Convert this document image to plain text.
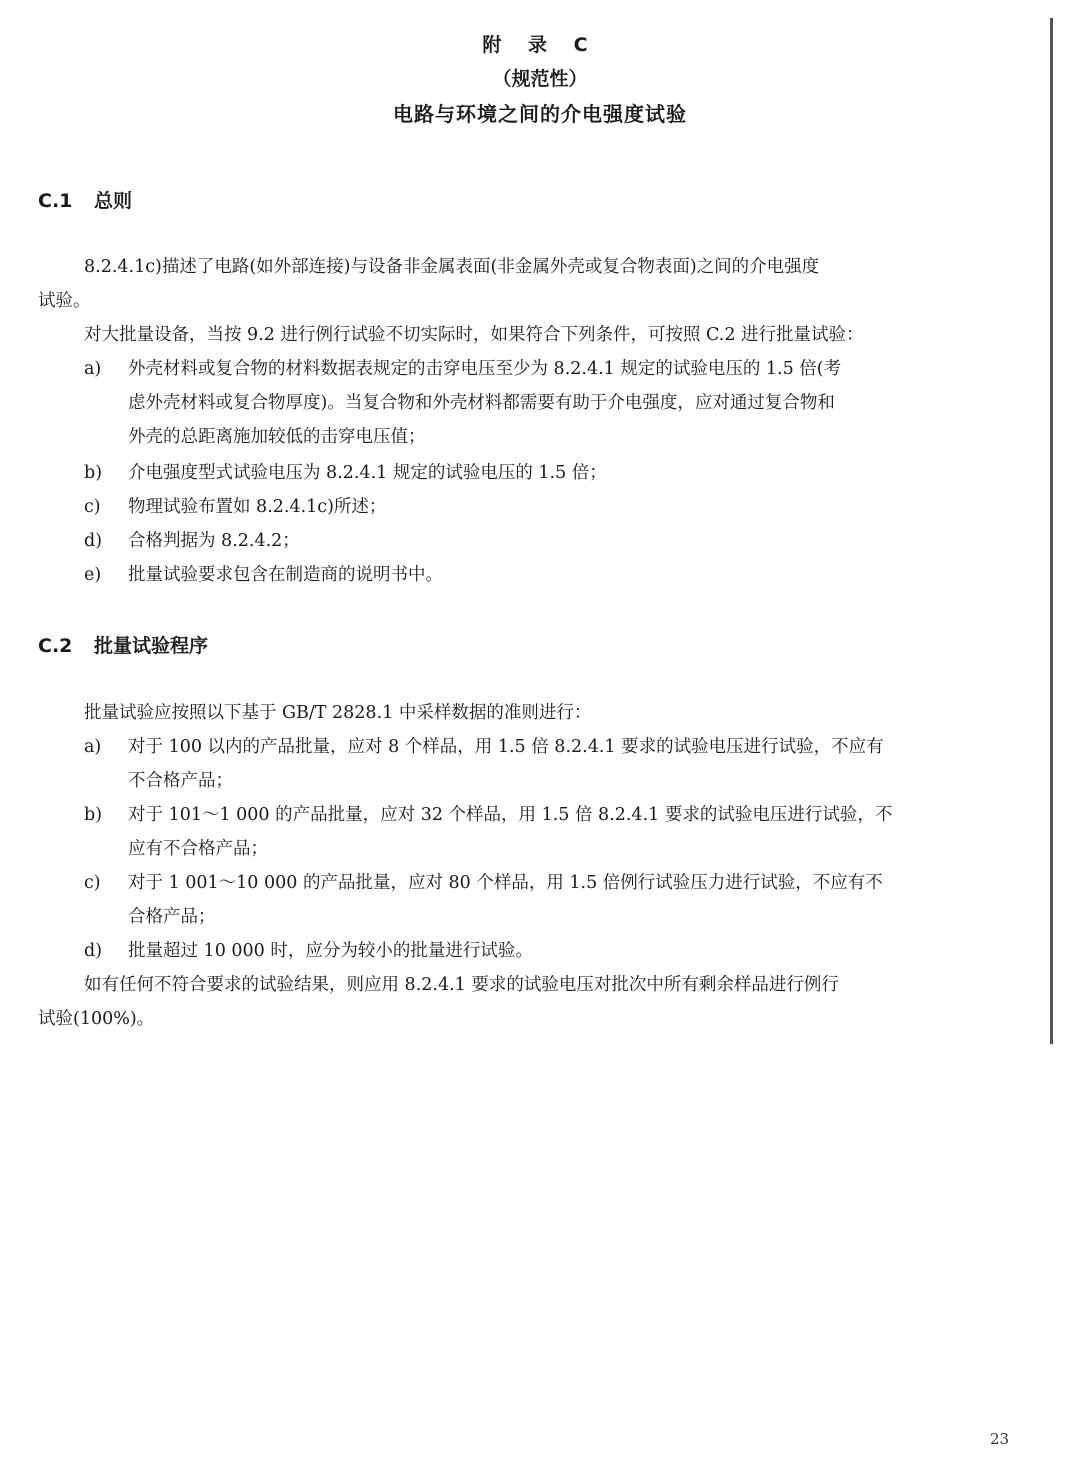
附 录 C
（规范性）
电路与环境之间的介电强度试验
C.1 总则
8.2.4.1c)描述了电路(如外部连接)与设备非金属表面(非金属外壳或复合物表面)之间的介电强度
试验。
对大批量设备，当按 9.2 进行例行试验不切实际时，如果符合下列条件，可按照 C.2 进行批量试验：
a) 外壳材料或复合物的材料数据表规定的击穿电压至少为 8.2.4.1 规定的试验电压的 1.5 倍(考
虑外壳材料或复合物厚度)。当复合物和外壳材料都需要有助于介电强度，应对通过复合物和
外壳的总距离施加较低的击穿电压值；
b) 介电强度型式试验电压为 8.2.4.1 规定的试验电压的 1.5 倍；
c) 物理试验布置如 8.2.4.1c)所述；
d) 合格判据为 8.2.4.2；
e) 批量试验要求包含在制造商的说明书中。
C.2 批量试验程序
批量试验应按照以下基于 GB/T 2828.1 中采样数据的准则进行：
a) 对于 100 以内的产品批量，应对 8 个样品，用 1.5 倍 8.2.4.1 要求的试验电压进行试验，不应有
不合格产品；
b) 对于 101～1 000 的产品批量，应对 32 个样品，用 1.5 倍 8.2.4.1 要求的试验电压进行试验，不
应有不合格产品；
c) 对于 1 001～10 000 的产品批量，应对 80 个样品，用 1.5 倍例行试验压力进行试验，不应有不
合格产品；
d) 批量超过 10 000 时，应分为较小的批量进行试验。
如有任何不符合要求的试验结果，则应用 8.2.4.1 要求的试验电压对批次中所有剩余样品进行例行
试验(100%)。
23
